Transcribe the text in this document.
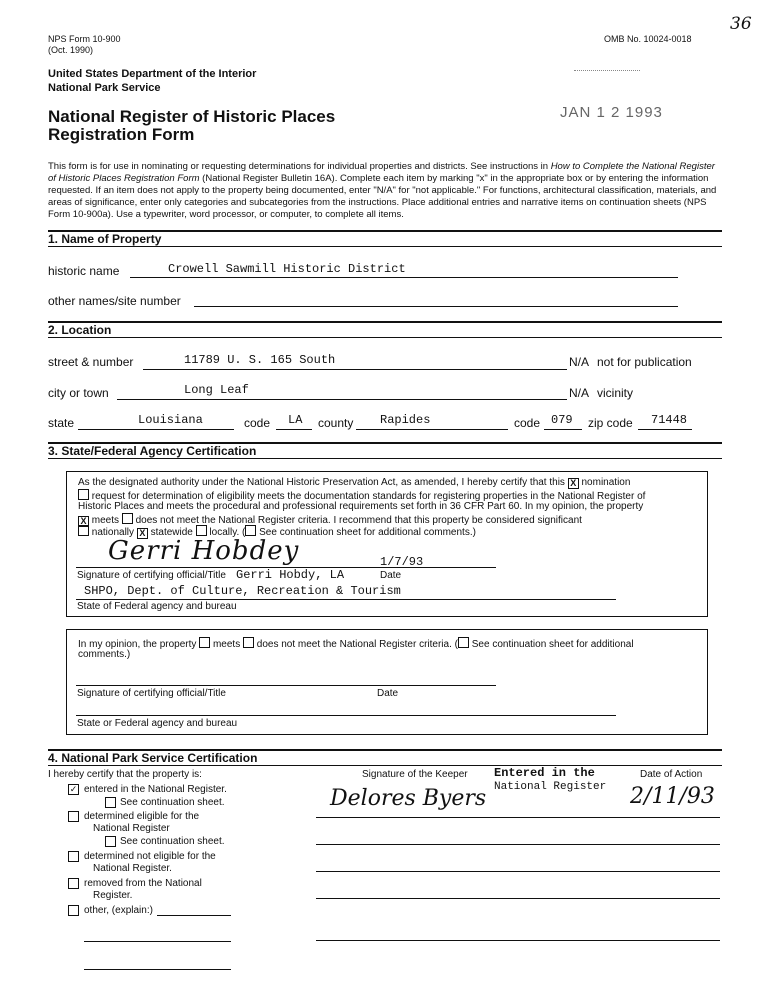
NPS Form 10-900
(Oct. 1990)
OMB No. 10024-0018
36
United States Department of the Interior
National Park Service
National Register of Historic Places
Registration Form
JAN 1 2 1993
This form is for use in nominating or requesting determinations for individual properties and districts. See instructions in How to Complete the National Register of Historic Places Registration Form (National Register Bulletin 16A). Complete each item by marking "x" in the appropriate box or by entering the information requested. If an item does not apply to the property being documented, enter "N/A" for "not applicable." For functions, architectural classification, materials, and areas of significance, enter only categories and subcategories from the instructions. Place additional entries and narrative items on continuation sheets (NPS Form 10-900a). Use a typewriter, word processor, or computer, to complete all items.
1. Name of Property
historic name	Crowell Sawmill Historic District
other names/site number
2. Location
street & number	11789 U. S. 165 South	N/A not for publication
city or town	Long Leaf	N/A vicinity
state	Louisiana	code LA county Rapides	code 079 zip code 71448
3. State/Federal Agency Certification
As the designated authority under the National Historic Preservation Act, as amended, I hereby certify that this X nomination
request for determination of eligibility meets the documentation standards for registering properties in the National Register of
Historic Places and meets the procedural and professional requirements set forth in 36 CFR Part 60. In my opinion, the property
X meets does not meet the National Register criteria. I recommend that this property be considered significant
nationally X statewide locally. ( See continuation sheet for additional comments.)
Gerri Hobdey	1/7/93
Signature of certifying official/Title Gerri Hobdy, LA	Date
SHPO, Dept. of Culture, Recreation & Tourism
State of Federal agency and bureau
In my opinion, the property meets does not meet the National Register criteria. ( See continuation sheet for additional
comments.)
Signature of certifying official/Title	Date
State or Federal agency and bureau
4. National Park Service Certification
I hereby certify that the property is:	Signature of the Keeper Entered in the
National Register
Date of Action
Delores Byers	2/11/93
✓ entered in the National Register.
See continuation sheet.
determined eligible for the
National Register
See continuation sheet.
determined not eligible for the
National Register.
removed from the National
Register.
other, (explain:)
